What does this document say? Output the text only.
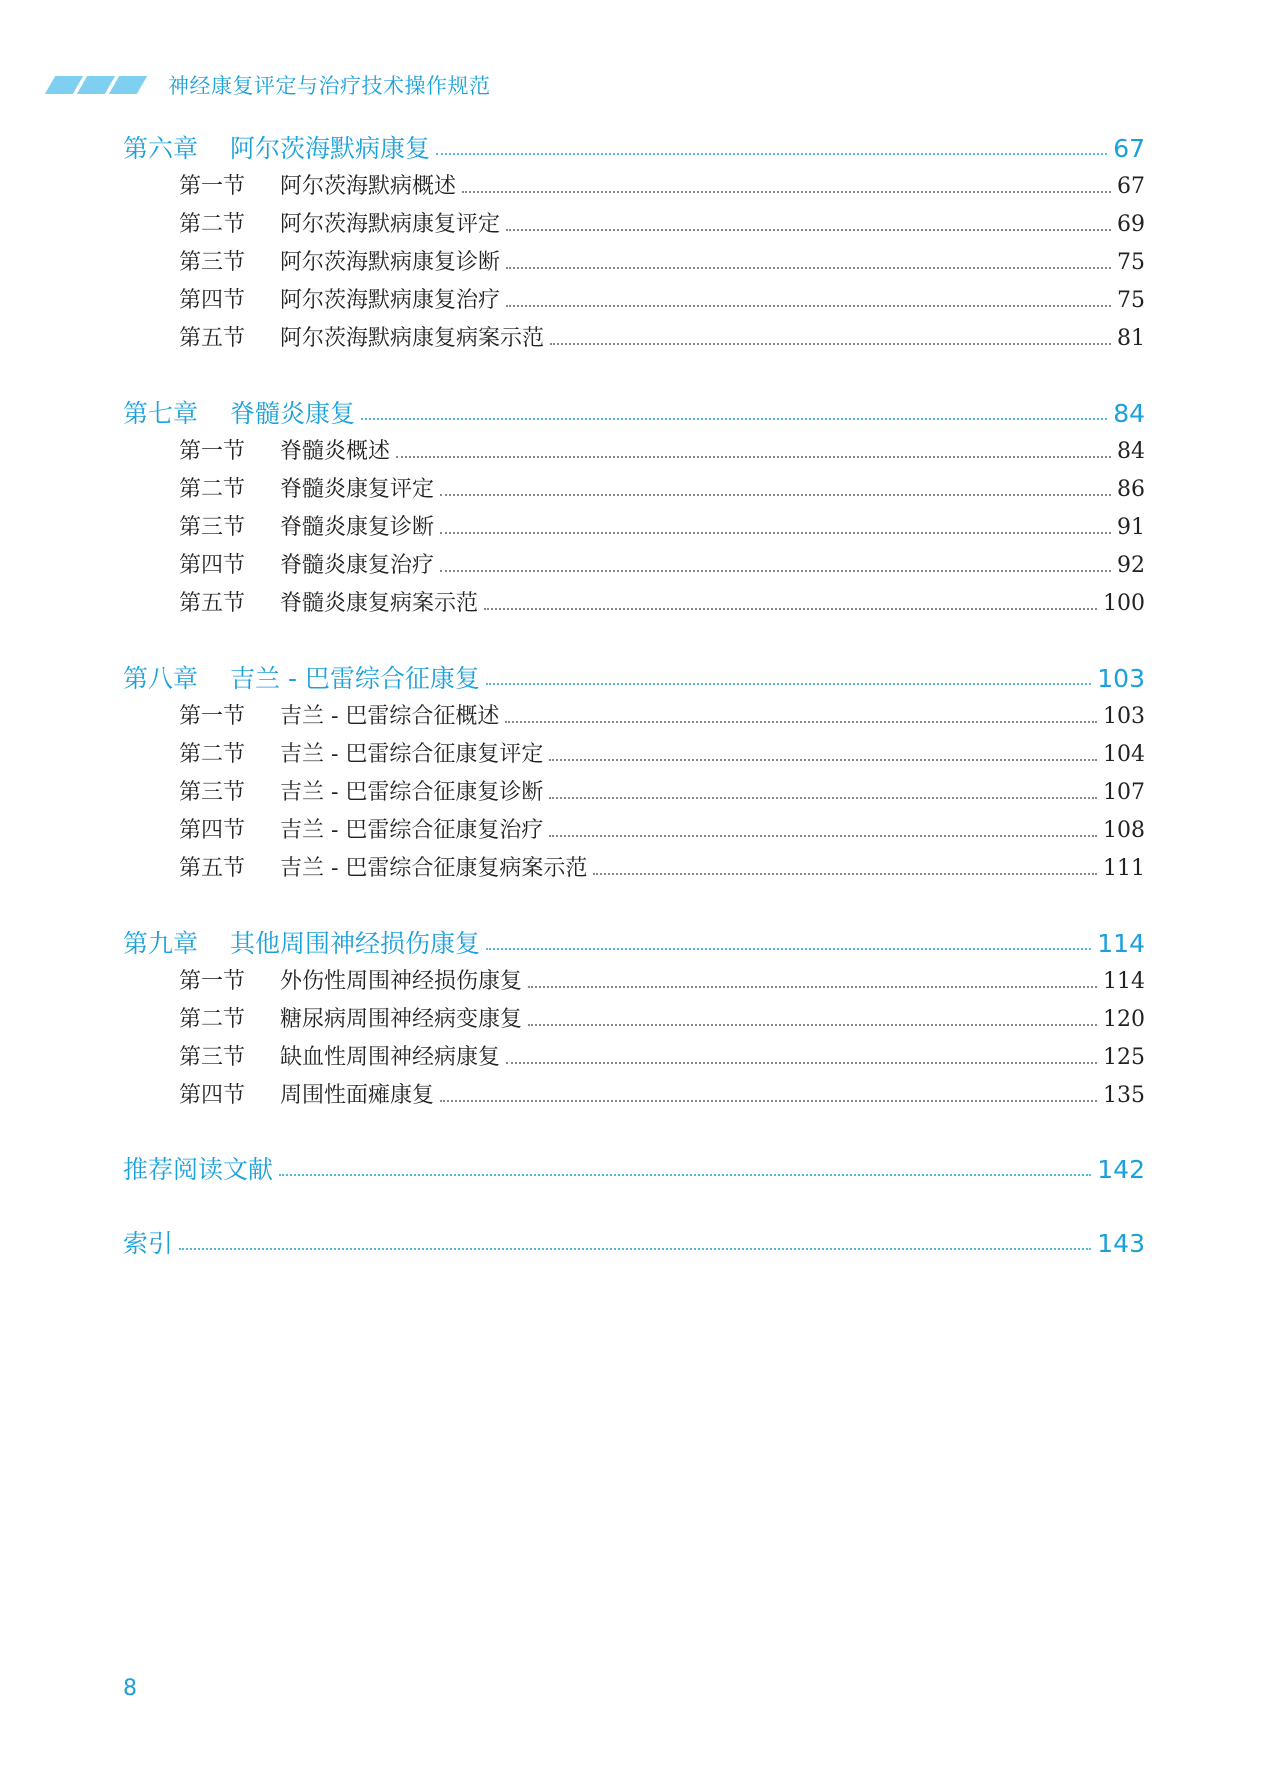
神经康复评定与治疗技术操作规范
第六章	阿尔茨海默病康复	67
第一节	阿尔茨海默病概述	67
第二节	阿尔茨海默病康复评定	69
第三节	阿尔茨海默病康复诊断	75
第四节	阿尔茨海默病康复治疗	75
第五节	阿尔茨海默病康复病案示范	81
第七章	脊髓炎康复	84
第一节	脊髓炎概述	84
第二节	脊髓炎康复评定	86
第三节	脊髓炎康复诊断	91
第四节	脊髓炎康复治疗	92
第五节	脊髓炎康复病案示范	100
第八章	吉兰 - 巴雷综合征康复	103
第一节	吉兰 - 巴雷综合征概述	103
第二节	吉兰 - 巴雷综合征康复评定	104
第三节	吉兰 - 巴雷综合征康复诊断	107
第四节	吉兰 - 巴雷综合征康复治疗	108
第五节	吉兰 - 巴雷综合征康复病案示范	111
第九章	其他周围神经损伤康复	114
第一节	外伤性周围神经损伤康复	114
第二节	糖尿病周围神经病变康复	120
第三节	缺血性周围神经病康复	125
第四节	周围性面瘫康复	135
推荐阅读文献	142
索引	143
8
